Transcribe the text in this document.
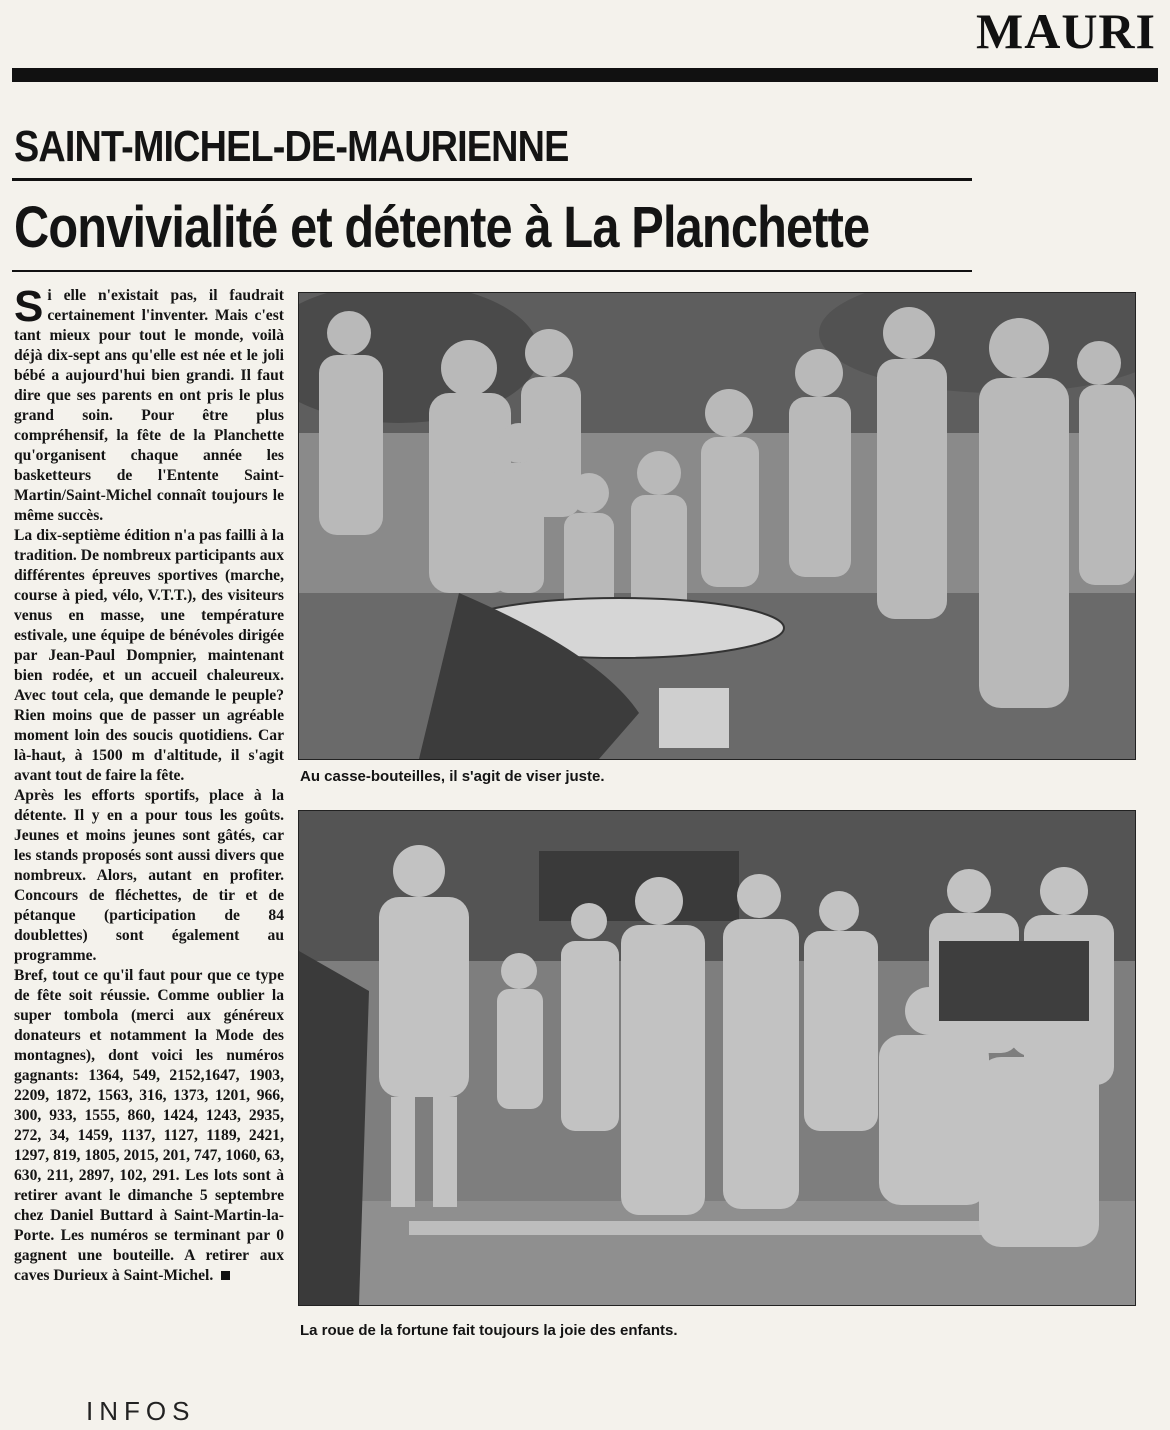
MAURI
SAINT-MICHEL-DE-MAURIENNE
Convivialité et détente à La Planchette

Si elle n'existait pas, il faudrait certainement l'inventer. Mais c'est tant mieux pour tout le monde, voilà déjà dix-sept ans qu'elle est née et le joli bébé a aujourd'hui bien grandi. Il faut dire que ses parents en ont pris le plus grand soin. Pour être plus compréhensif, la fête de la Planchette qu'organisent chaque année les basketteurs de l'Entente Saint-Martin/Saint-Michel connaît toujours le même succès.

La dix-septième édition n'a pas failli à la tradition. De nombreux participants aux différentes épreuves sportives (marche, course à pied, vélo, V.T.T.), des visiteurs venus en masse, une température estivale, une équipe de bénévoles dirigée par Jean-Paul Dompnier, maintenant bien rodée, et un accueil chaleureux. Avec tout cela, que demande le peuple? Rien moins que de passer un agréable moment loin des soucis quotidiens. Car là-haut, à 1500 m d'altitude, il s'agit avant tout de faire la fête.

Après les efforts sportifs, place à la détente. Il y en a pour tous les goûts. Jeunes et moins jeunes sont gâtés, car les stands proposés sont aussi divers que nombreux. Alors, autant en profiter. Concours de fléchettes, de tir et de pétanque (participation de 84 doublettes) sont également au programme.

Bref, tout ce qu'il faut pour que ce type de fête soit réussie. Comme oublier la super tombola (merci aux généreux donateurs et notamment la Mode des montagnes), dont voici les numéros gagnants: 1364, 549, 2152,1647, 1903, 2209, 1872, 1563, 316, 1373, 1201, 966, 300, 933, 1555, 860, 1424, 1243, 2935, 272, 34, 1459, 1137, 1127, 1189, 2421, 1297, 819, 1805, 2015, 201, 747, 1060, 63, 630, 211, 2897, 102, 291. Les lots sont à retirer avant le dimanche 5 septembre chez Daniel Buttard à Saint-Martin-la-Porte. Les numéros se terminant par 0 gagnent une bouteille. A retirer aux caves Durieux à Saint-Michel.

Au casse-bouteilles, il s'agit de viser juste.
La roue de la fortune fait toujours la joie des enfants.
INFOS
